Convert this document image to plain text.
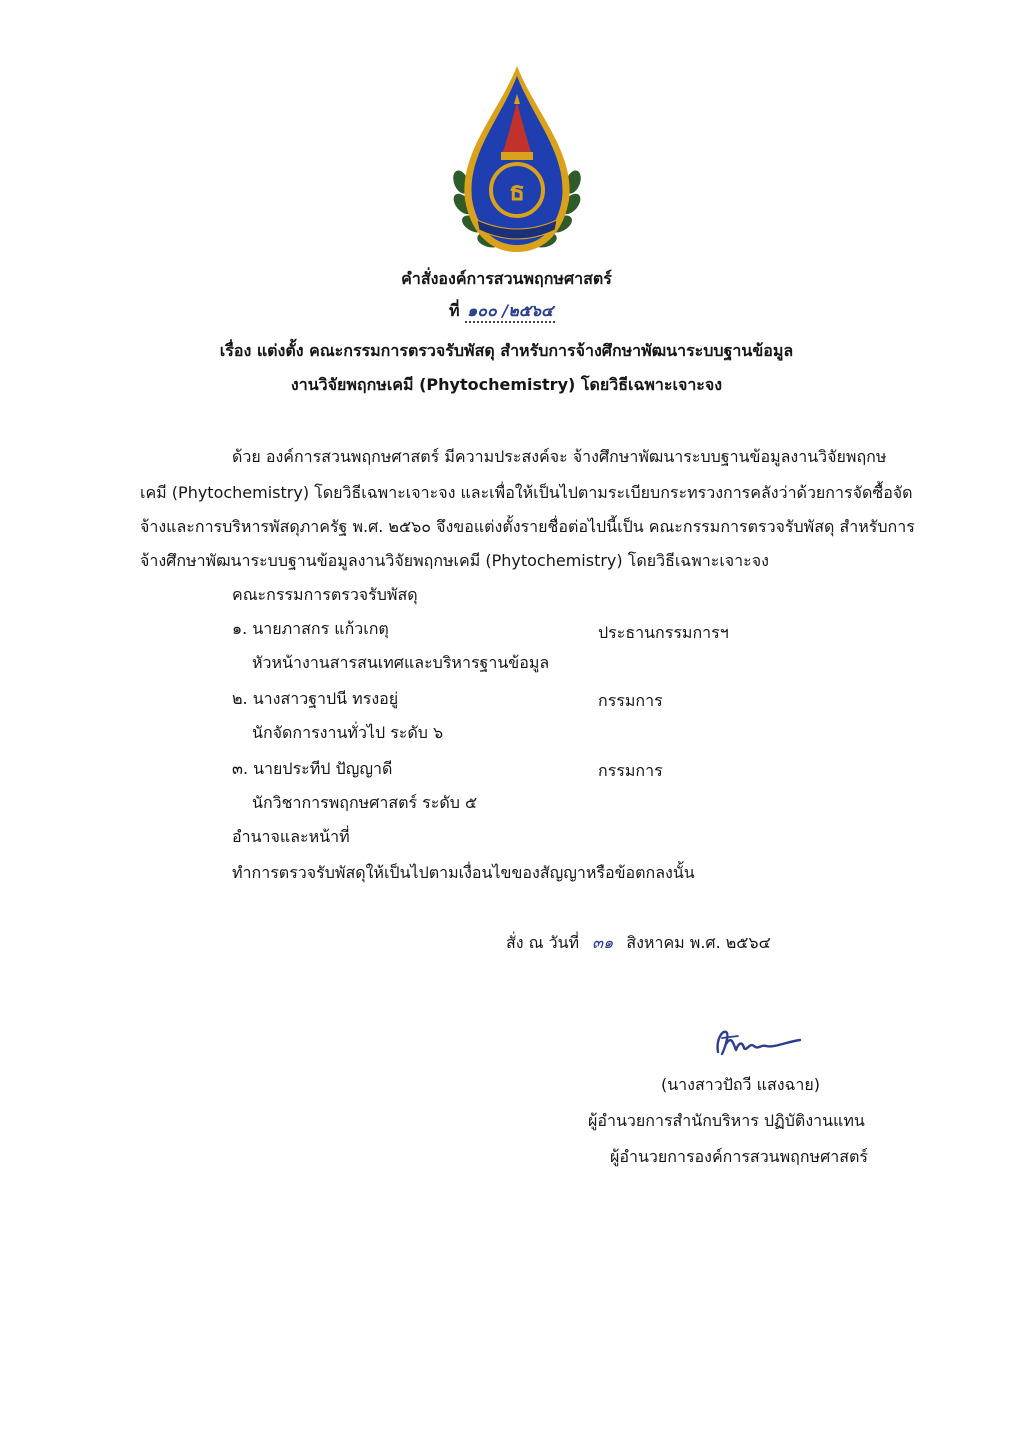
ธ
คำสั่งองค์การสวนพฤกษศาสตร์
ที่ ๑๐๐ /๒๕๖๔
เรื่อง แต่งตั้ง คณะกรรมการตรวจรับพัสดุ สำหรับการจ้างศึกษาพัฒนาระบบฐานข้อมูล
งานวิจัยพฤกษเคมี (Phytochemistry) โดยวิธีเฉพาะเจาะจง
ด้วย องค์การสวนพฤกษศาสตร์ มีความประสงค์จะ จ้างศึกษาพัฒนาระบบฐานข้อมูลงานวิจัยพฤกษ
เคมี (Phytochemistry) โดยวิธีเฉพาะเจาะจง และเพื่อให้เป็นไปตามระเบียบกระทรวงการคลังว่าด้วยการจัดซื้อจัด
จ้างและการบริหารพัสดุภาครัฐ พ.ศ. ๒๕๖๐ จึงขอแต่งตั้งรายชื่อต่อไปนี้เป็น คณะกรรมการตรวจรับพัสดุ สำหรับการ
จ้างศึกษาพัฒนาระบบฐานข้อมูลงานวิจัยพฤกษเคมี (Phytochemistry) โดยวิธีเฉพาะเจาะจง
คณะกรรมการตรวจรับพัสดุ
๑. นายภาสกร แก้วเกตุ	ประธานกรรมการฯ
หัวหน้างานสารสนเทศและบริหารฐานข้อมูล
๒. นางสาวฐาปนี ทรงอยู่	กรรมการ
นักจัดการงานทั่วไป ระดับ ๖
๓. นายประทีป ปัญญาดี	กรรมการ
นักวิชาการพฤกษศาสตร์ ระดับ ๕
อำนาจและหน้าที่
ทำการตรวจรับพัสดุให้เป็นไปตามเงื่อนไขของสัญญาหรือข้อตกลงนั้น
สั่ง ณ วันที่ ๓๑ สิงหาคม พ.ศ. ๒๕๖๔
(นางสาวปัถวี แสงฉาย)
ผู้อำนวยการสำนักบริหาร ปฏิบัติงานแทน
ผู้อำนวยการองค์การสวนพฤกษศาสตร์
